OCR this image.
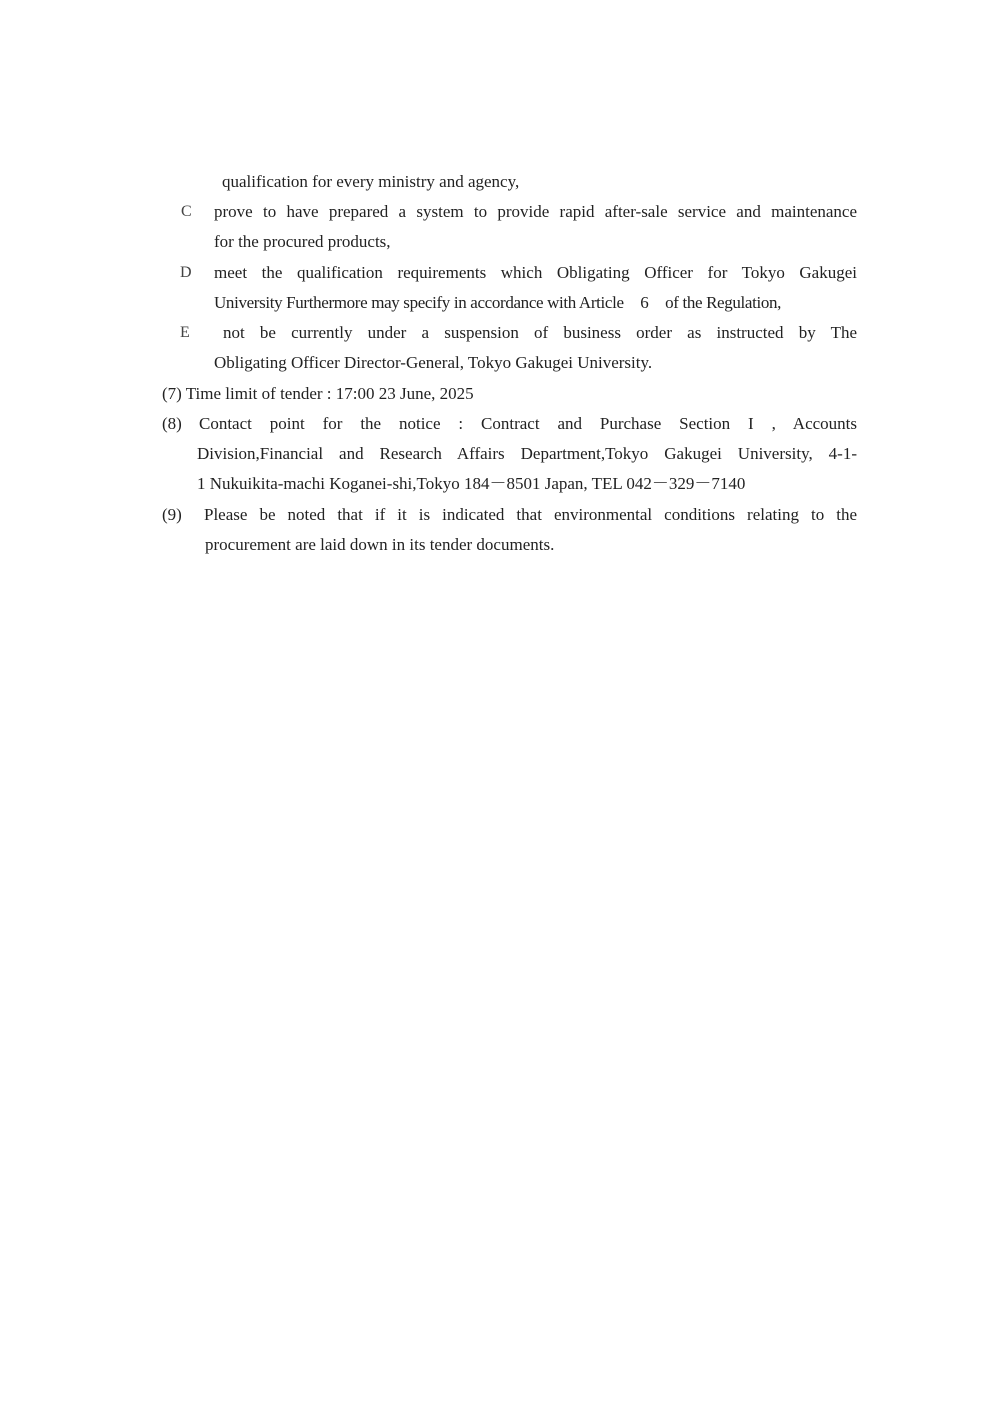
qualification for every ministry and agency,
C prove to have prepared a system to provide rapid after-sale service and maintenance
for the procured products,
D meet the qualification requirements which Obligating Officer for Tokyo Gakugei
University Furthermore may specify in accordance with Article　6　of the Regulation,
E not be currently under a suspension of business order as instructed by The
Obligating Officer Director-General, Tokyo Gakugei University.
(7) Time limit of tender : 17:00 23 June, 2025
(8) Contact point for the notice : Contract and Purchase Section I , Accounts
Division,Financial and Research Affairs Department,Tokyo Gakugei University, 4-1-
1 Nukuikita-machi Koganei-shi,Tokyo 184－8501 Japan, TEL 042－329－7140
(9) Please be noted that if it is indicated that environmental conditions relating to the
procurement are laid down in its tender documents.
